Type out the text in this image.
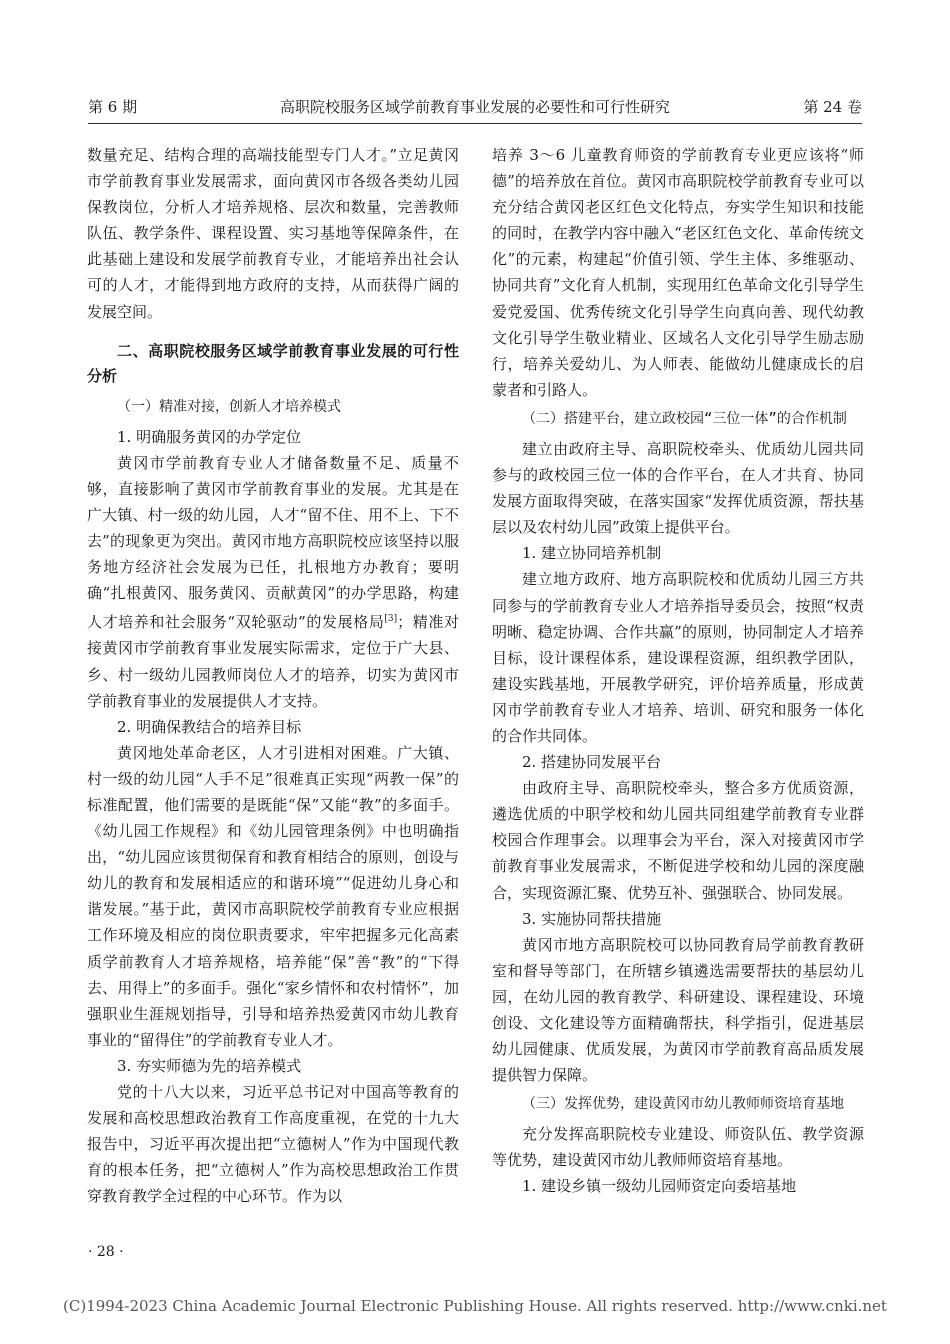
第 6 期	高职院校服务区域学前教育事业发展的必要性和可行性研究	第 24 卷

数量充足、结构合理的高端技能型专门人才。”立足黄冈市学前教育事业发展需求，面向黄冈市各级各类幼儿园保教岗位，分析人才培养规格、层次和数量，完善教师队伍、教学条件、课程设置、实习基地等保障条件，在此基础上建设和发展学前教育专业，才能培养出社会认可的人才，才能得到地方政府的支持，从而获得广阔的发展空间。

二、高职院校服务区域学前教育事业发展的可行性分析
（一）精准对接，创新人才培养模式
1. 明确服务黄冈的办学定位

黄冈市学前教育专业人才储备数量不足、质量不够，直接影响了黄冈市学前教育事业的发展。尤其是在广大镇、村一级的幼儿园，人才“留不住、用不上、下不去”的现象更为突出。黄冈市地方高职院校应该坚持以服务地方经济社会发展为已任，扎根地方办教育；要明确“扎根黄冈、服务黄冈、贡献黄冈”的办学思路，构建人才培养和社会服务“双轮驱动”的发展格局[3]；精准对接黄冈市学前教育事业发展实际需求，定位于广大县、乡、村一级幼儿园教师岗位人才的培养，切实为黄冈市学前教育事业的发展提供人才支持。

2. 明确保教结合的培养目标

黄冈地处革命老区，人才引进相对困难。广大镇、村一级的幼儿园“人手不足”很难真正实现“两教一保”的标准配置，他们需要的是既能“保”又能“教”的多面手。《幼儿园工作规程》和《幼儿园管理条例》中也明确指出，“幼儿园应该贯彻保育和教育相结合的原则，创设与幼儿的教育和发展相适应的和谐环境”“促进幼儿身心和谐发展。”基于此，黄冈市高职院校学前教育专业应根据工作环境及相应的岗位职责要求，牢牢把握多元化高素质学前教育人才培养规格，培养能“保”善“教”的“下得去、用得上”的多面手。强化“家乡情怀和农村情怀”，加强职业生涯规划指导，引导和培养热爱黄冈市幼儿教育事业的“留得住”的学前教育专业人才。

3. 夯实师德为先的培养模式

党的十八大以来，习近平总书记对中国高等教育的发展和高校思想政治教育工作高度重视，在党的十九大报告中，习近平再次提出把“立德树人”作为中国现代教育的根本任务，把“立德树人”作为高校思想政治工作贯穿教育教学全过程的中心环节。作为以

培养 3～6 儿童教育师资的学前教育专业更应该将“师德”的培养放在首位。黄冈市高职院校学前教育专业可以充分结合黄冈老区红色文化特点，夯实学生知识和技能的同时，在教学内容中融入“老区红色文化、革命传统文化”的元素，构建起“价值引领、学生主体、多维驱动、协同共育”文化育人机制，实现用红色革命文化引导学生爱党爱国、优秀传统文化引导学生向真向善、现代幼教文化引导学生敬业精业、区域名人文化引导学生励志励行，培养关爱幼儿、为人师表、能做幼儿健康成长的启蒙者和引路人。

（二）搭建平台，建立政校园“三位一体”的合作机制

建立由政府主导、高职院校牵头、优质幼儿园共同参与的政校园三位一体的合作平台，在人才共育、协同发展方面取得突破，在落实国家“发挥优质资源，帮扶基层以及农村幼儿园”政策上提供平台。

1. 建立协同培养机制

建立地方政府、地方高职院校和优质幼儿园三方共同参与的学前教育专业人才培养指导委员会，按照“权责明晰、稳定协调、合作共赢”的原则，协同制定人才培养目标，设计课程体系，建设课程资源，组织教学团队，建设实践基地，开展教学研究，评价培养质量，形成黄冈市学前教育专业人才培养、培训、研究和服务一体化的合作共同体。

2. 搭建协同发展平台

由政府主导、高职院校牵头，整合多方优质资源，遴选优质的中职学校和幼儿园共同组建学前教育专业群校园合作理事会。以理事会为平台，深入对接黄冈市学前教育事业发展需求，不断促进学校和幼儿园的深度融合，实现资源汇聚、优势互补、强强联合、协同发展。

3. 实施协同帮扶措施

黄冈市地方高职院校可以协同教育局学前教育教研室和督导等部门，在所辖乡镇遴选需要帮扶的基层幼儿园，在幼儿园的教育教学、科研建设、课程建设、环境创设、文化建设等方面精确帮扶，科学指引，促进基层幼儿园健康、优质发展，为黄冈市学前教育高品质发展提供智力保障。

（三）发挥优势，建设黄冈市幼儿教师师资培育基地

充分发挥高职院校专业建设、师资队伍、教学资源等优势，建设黄冈市幼儿教师师资培育基地。

1. 建设乡镇一级幼儿园师资定向委培基地
· 28 ·
(C)1994-2023 China Academic Journal Electronic Publishing House. All rights reserved. http://www.cnki.net
